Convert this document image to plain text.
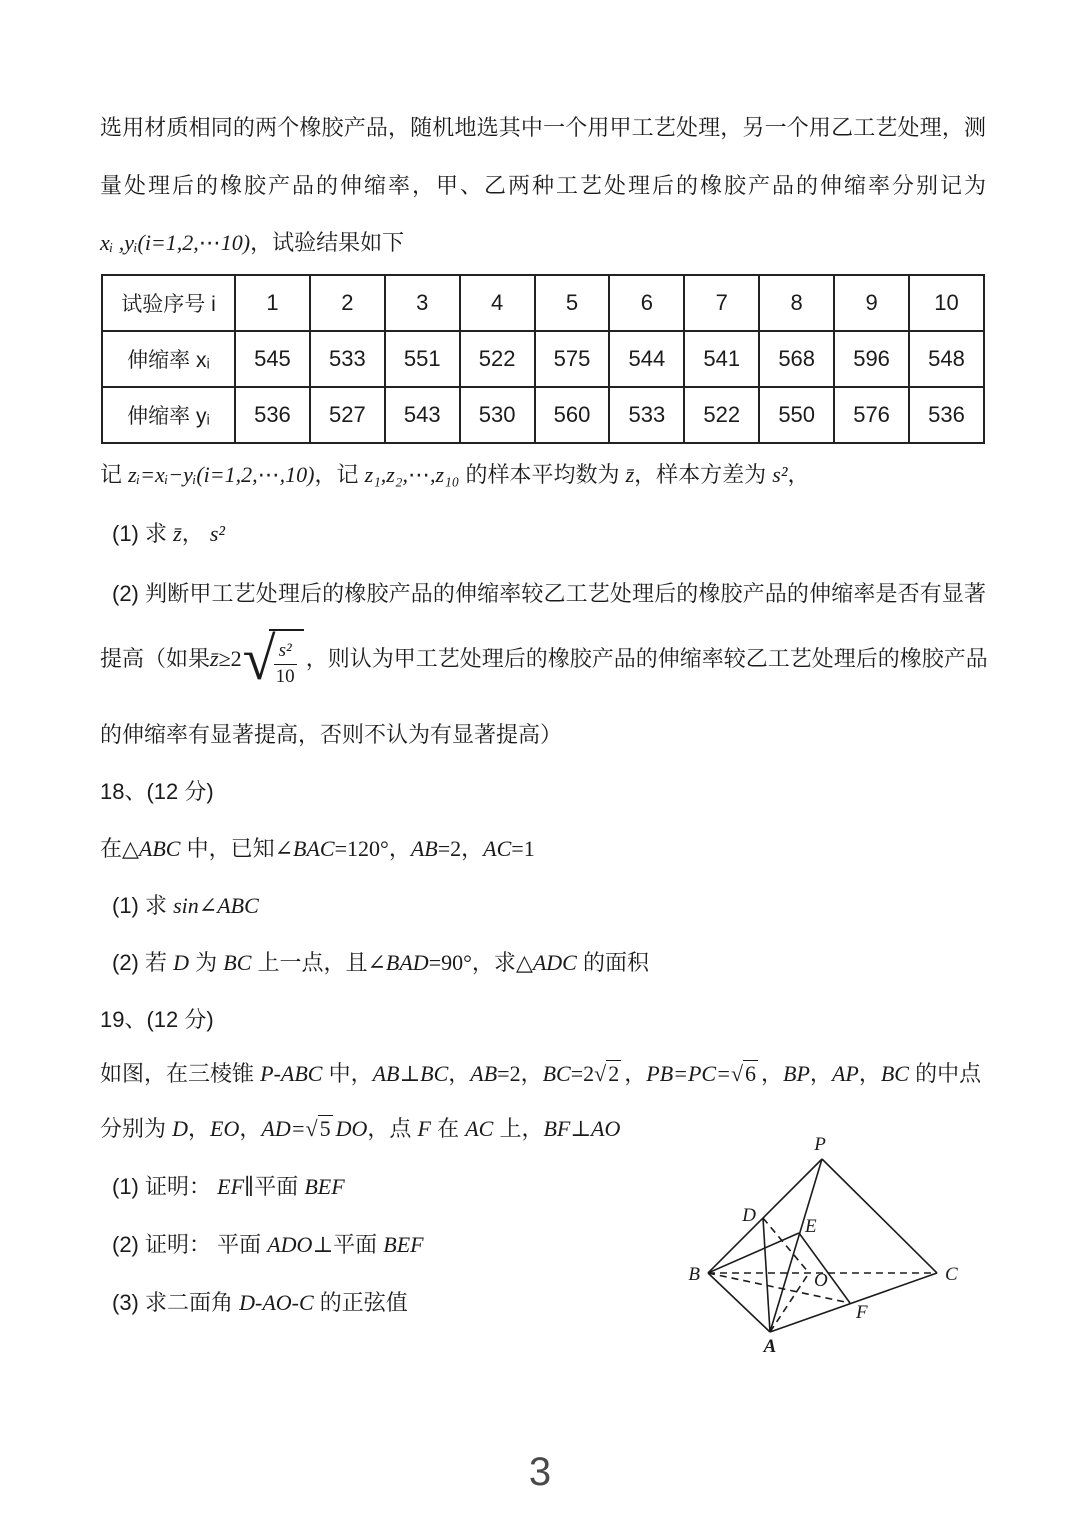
选用材质相同的两个橡胶产品，随机地选其中一个用甲工艺处理，另一个用乙工艺处理，测
量处理后的橡胶产品的伸缩率，甲、乙两种工艺处理后的橡胶产品的伸缩率分别记为
xᵢ ,yᵢ(i=1,2,⋯10)，试验结果如下
试验序号 i	1	2	3	4	5	6	7	8	9	10
伸缩率 xᵢ	545	533	551	522	575	544	541	568	596	548
伸缩率 yᵢ	536	527	543	530	560	533	522	550	576	536
记 zᵢ=xᵢ−yᵢ(i=1,2,⋯,10)，记 z₁,z₂,⋯,z₁₀ 的样本平均数为 z̄，样本方差为 s²，
(1) 求 z̄， s²
(2) 判断甲工艺处理后的橡胶产品的伸缩率较乙工艺处理后的橡胶产品的伸缩率是否有显著
提高（如果 z̄ ≥ 2 √ $\frac{\text{s²}}{10}$ ，则认为甲工艺处理后的橡胶产品的伸缩率较乙工艺处理后的橡胶产品
的伸缩率有显著提高，否则不认为有显著提高）
18、(12 分)
在△ABC 中，已知∠BAC=120°，AB=2，AC=1
(1) 求 sin∠ABC
(2) 若 D 为 BC 上一点，且∠BAD=90°，求△ADC 的面积
19、(12 分)
如图，在三棱锥 P-ABC 中，AB⊥BC，AB=2，BC=2 √ 2 ，PB=PC= √ 6 ，BP，AP，BC 的中点
分别为 D，EO，AD= √ 5 DO，点 F 在 AC 上，BF⊥AO
(1) 证明： EF∥平面 BEF
(2) 证明： 平面 ADO⊥平面 BEF
(3) 求二面角 D-AO-C 的正弦值
P
B	C
A
D
E
O
F
3
